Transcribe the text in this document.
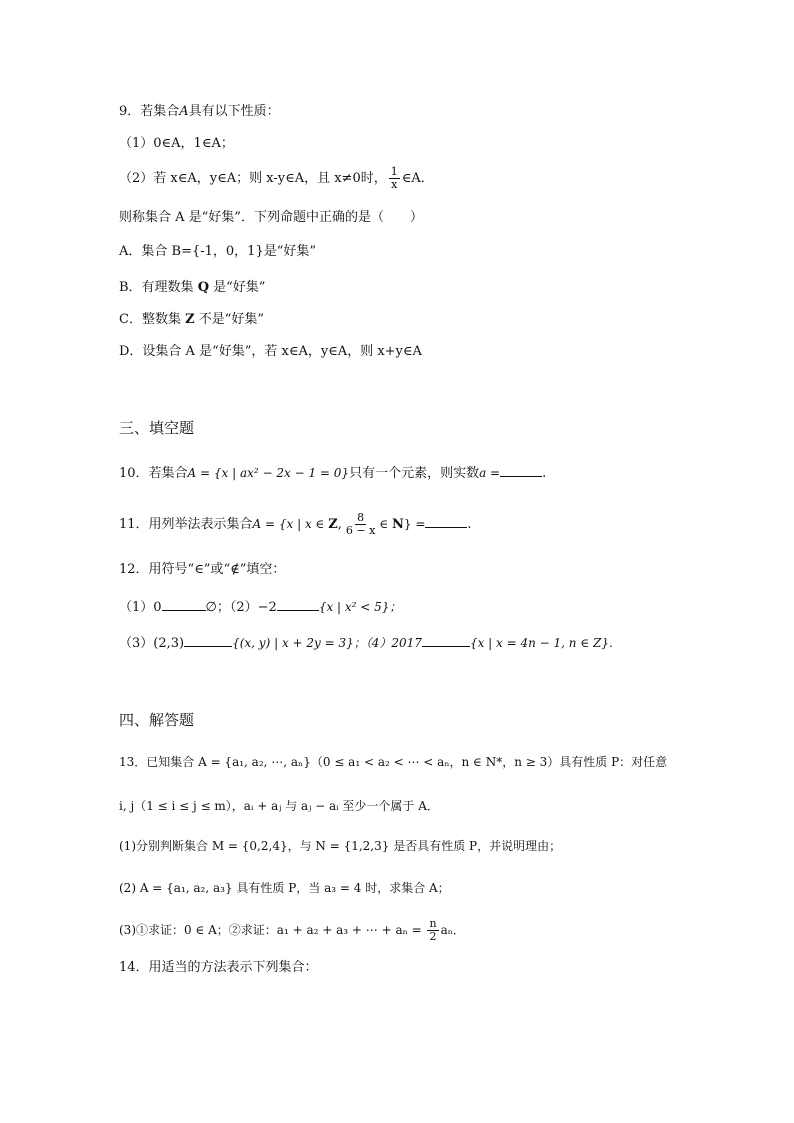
9．若集合A具有以下性质：
（1）0∈A，1∈A；
（2）若 x∈A，y∈A；则 x-y∈A，且 x≠0时， $\frac{1}{x}$ ∈A．
则称集合 A 是“好集”．下列命题中正确的是（　　）
A．集合 B={-1，0，1}是“好集”
B．有理数集 Q 是“好集”
C．整数集 Z 不是“好集”
D．设集合 A 是“好集”，若 x∈A，y∈A，则 x+y∈A
三、填空题
10．若集合A = {x | ax² − 2x − 1 = 0}只有一个元素，则实数a =	.
11．用列举法表示集合A = {x | x ∈ Z, $\frac{8}{6 - x}$ ∈ N} =	.
12．用符号“∈”或“∉”填空：
（1）0	∅；（2）−2	{x | x² < 5}；
（3）(2,3)	{(x, y) | x + 2y = 3}；（4）2017	{x | x = 4n − 1, n ∈ Z}.
四、解答题
13．已知集合 A = {a₁, a₂, ⋯, aₙ}（0 ≤ a₁ < a₂ < ⋯ < aₙ，n ∈ N*，n ≥ 3）具有性质 P：对任意
i, j（1 ≤ i ≤ j ≤ m），aᵢ + aⱼ 与 aⱼ − aᵢ 至少一个属于 A．
(1)分别判断集合 M = {0,2,4}，与 N = {1,2,3} 是否具有性质 P，并说明理由；
(2) A = {a₁, a₂, a₃} 具有性质 P，当 a₃ = 4 时，求集合 A；
(3)①求证：0 ∈ A；②求证：a₁ + a₂ + a₃ + ⋯ + $a_n = \frac{n}{2}$ aₙ．
14．用适当的方法表示下列集合：
